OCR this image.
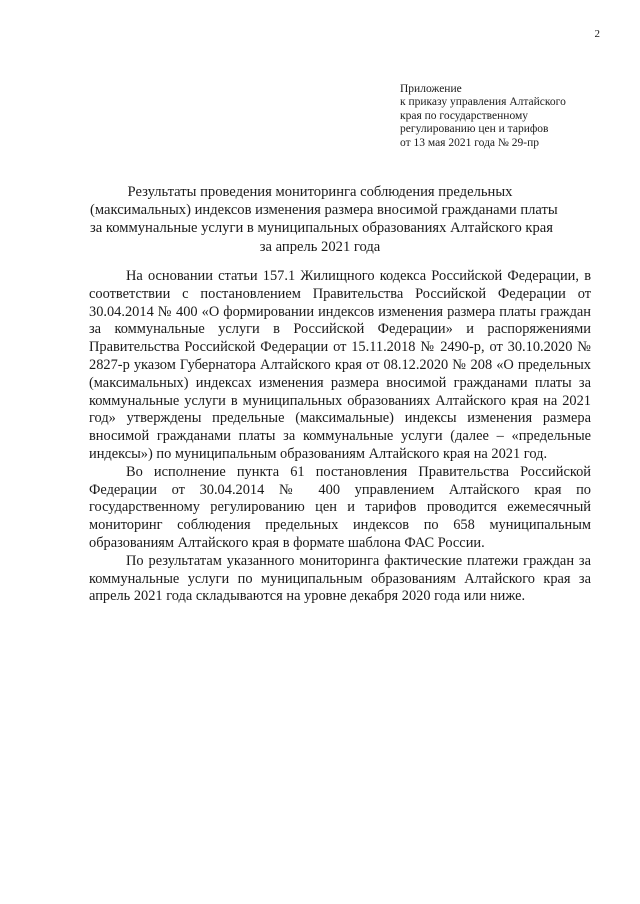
2
Приложение
к приказу управления Алтайского
края по государственному
регулированию цен и тарифов
от 13 мая 2021 года № 29-пр
Результаты проведения мониторинга соблюдения предельных
(максимальных) индексов изменения размера вносимой гражданами платы
за коммунальные услуги в муниципальных образованиях Алтайского края
за апрель 2021 года

На основании статьи 157.1 Жилищного кодекса Российской Федерации, в соответствии с постановлением Правительства Российской Федерации от 30.04.2014 № 400 «О формировании индексов изменения размера платы граждан за коммунальные услуги в Российской Федерации» и распоряжениями Правительства Российской Федерации от 15.11.2018 № 2490-р, от 30.10.2020 № 2827-р указом Губернатора Алтайского края от 08.12.2020 № 208 «О предельных (максимальных) индексах изменения размера вносимой гражданами платы за коммунальные услуги в муниципальных образованиях Алтайского края на 2021 год» утверждены предельные (максимальные) индексы изменения размера вносимой гражданами платы за коммунальные услуги (далее – «предельные индексы») по муниципальным образованиям Алтайского края на 2021 год.

Во исполнение пункта 61 постановления Правительства Российской Федерации от 30.04.2014 № 400 управлением Алтайского края по государственному регулированию цен и тарифов проводится ежемесячный мониторинг соблюдения предельных индексов по 658 муниципальным образованиям Алтайского края в формате шаблона ФАС России.

По результатам указанного мониторинга фактические платежи граждан за коммунальные услуги по муниципальным образованиям Алтайского края за апрель 2021 года складываются на уровне декабря 2020 года или ниже.
